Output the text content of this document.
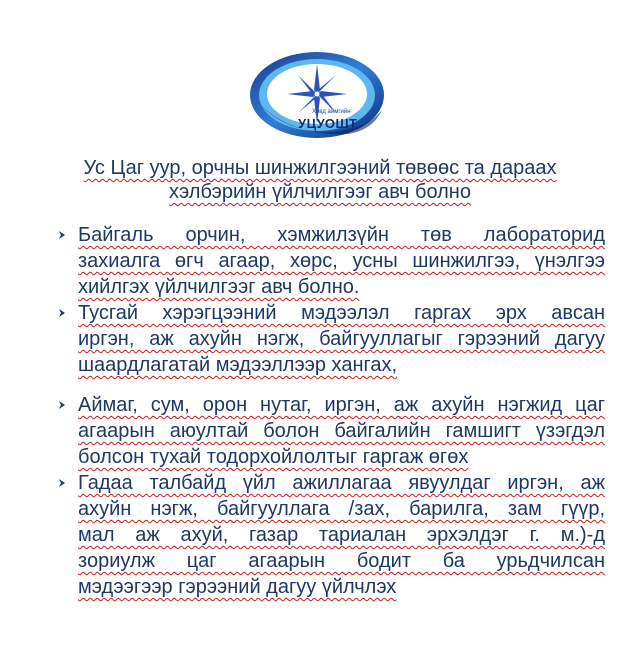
Ховд аймгийн
УЦУОШТ
Ус Цаг уур, орчны шинжилгээний төвөөс та дараах
хэлбэрийн үйлчилгээг авч болно
Байгаль орчин, хэмжилзүйн төв лабораторид
захиалга өгч агаар, хөрс, усны шинжилгээ, үнэлгээ
хийлгэх үйлчилгээг авч болно.
Тусгай хэрэгцээний мэдээлэл гаргах эрх авсан
иргэн, аж ахуйн нэгж, байгууллагыг гэрээний дагуу
шаардлагатай мэдээллээр хангах,
Аймаг, сум, орон нутаг, иргэн, аж ахуйн нэгжид цаг
агаарын аюултай болон байгалийн гамшигт үзэгдэл
болсон тухай тодорхойлолтыг гаргаж өгөх
Гадаа талбайд үйл ажиллагаа явуулдаг иргэн, аж
ахуйн нэгж, байгууллага /зах, барилга, зам гүүр,
мал аж ахуй, газар тариалан эрхэлдэг г. м.)-д
зориулж цаг агаарын бодит ба урьдчилсан
мэдээгээр гэрээний дагуу үйлчлэх
